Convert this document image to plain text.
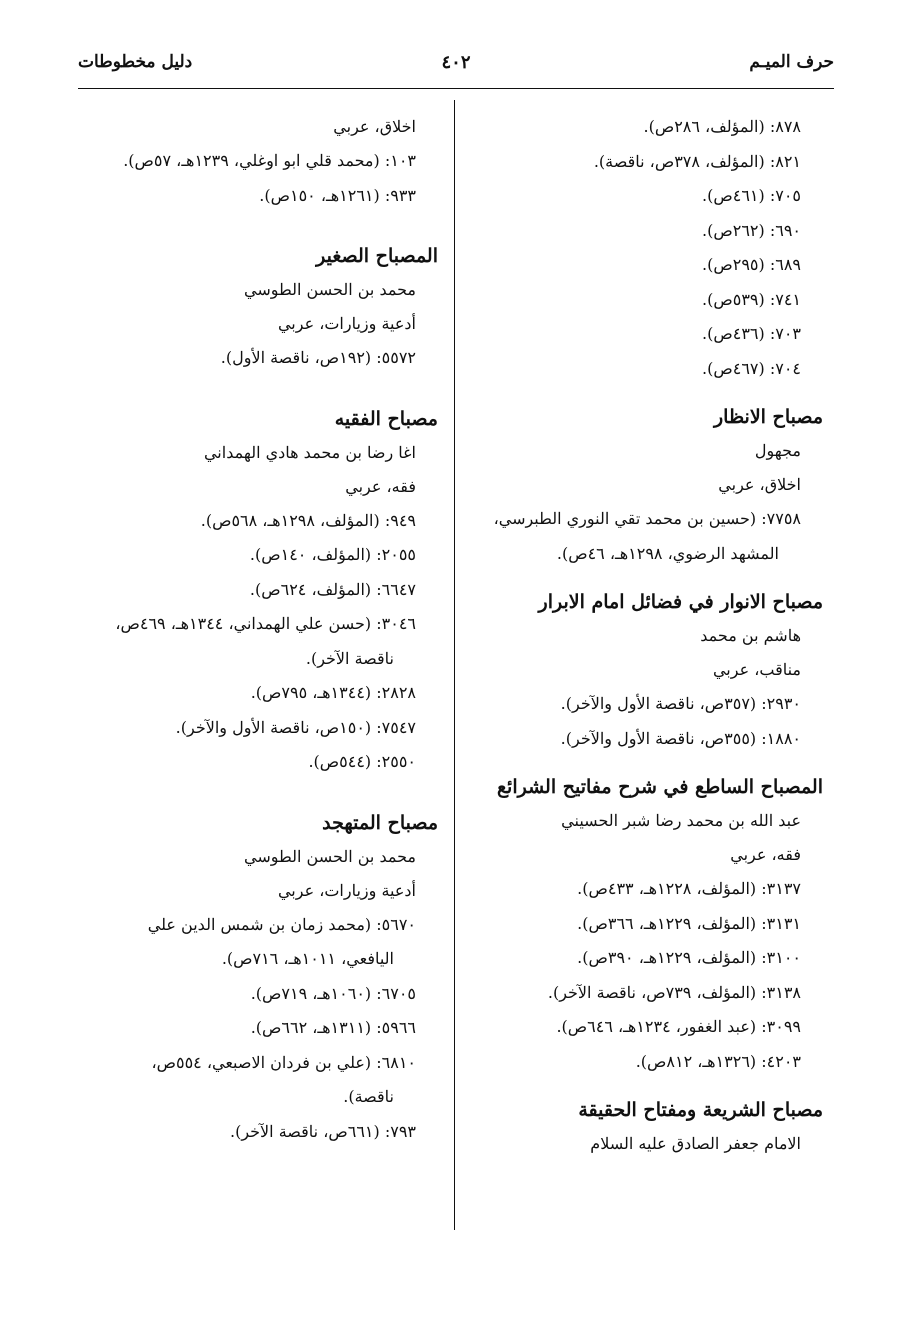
حرف الميـم
٤٠٢
دليل مخطوطات
٨٧٨: (المؤلف، ٢٨٦ص).
٨٢١: (المؤلف، ٣٧٨ص، ناقصة).
٧٠٥: (٤٦١ص).
٦٩٠: (٢٦٢ص).
٦٨٩: (٢٩٥ص).
٧٤١: (٥٣٩ص).
٧٠٣: (٤٣٦ص).
٧٠٤: (٤٦٧ص).
مصباح الانظار
مجهول
اخلاق، عربي
٧٧٥٨: (حسين بن محمد تقي النوري الطبرسي،
المشهد الرضوي، ١٢٩٨هـ، ٤٦ص).
مصباح الانوار في فضائل امام الابرار
هاشم بن محمد
مناقب، عربي
٢٩٣٠: (٣٥٧ص، ناقصة الأول والآخر).
١٨٨٠: (٣٥٥ص، ناقصة الأول والآخر).
المصباح الساطع في شرح مفاتيح الشرائع
عبد الله بن محمد رضا شبر الحسيني
فقه، عربي
٣١٣٧: (المؤلف، ١٢٢٨هـ، ٤٣٣ص).
٣١٣١: (المؤلف، ١٢٢٩هـ، ٣٦٦ص).
٣١٠٠: (المؤلف، ١٢٢٩هـ، ٣٩٠ص).
٣١٣٨: (المؤلف، ٧٣٩ص، ناقصة الآخر).
٣٠٩٩: (عبد الغفور، ١٢٣٤هـ، ٦٤٦ص).
٤٢٠٣: (١٣٢٦هـ، ٨١٢ص).
مصباح الشريعة ومفتاح الحقيقة
الامام جعفر الصادق عليه السلام
اخلاق، عربي
١٠٣: (محمد قلي ابو اوغلي، ١٢٣٩هـ، ٥٧ص).
٩٣٣: (١٢٦١هـ، ١٥٠ص).
المصباح الصغير
محمد بن الحسن الطوسي
أدعية وزيارات، عربي
٥٥٧٢: (١٩٢ص، ناقصة الأول).
مصباح الفقيه
اغا رضا بن محمد هادي الهمداني
فقه، عربي
٩٤٩: (المؤلف، ١٢٩٨هـ، ٥٦٨ص).
٢٠٥٥: (المؤلف، ١٤٠ص).
٦٦٤٧: (المؤلف، ٦٢٤ص).
٣٠٤٦: (حسن علي الهمداني، ١٣٤٤هـ، ٤٦٩ص،
ناقصة الآخر).
٢٨٢٨: (١٣٤٤هـ، ٧٩٥ص).
٧٥٤٧: (١٥٠ص، ناقصة الأول والآخر).
٢٥٥٠: (٥٤٤ص).
مصباح المتهجد
محمد بن الحسن الطوسي
أدعية وزيارات، عربي
٥٦٧٠: (محمد زمان بن شمس الدين علي
اليافعي، ١٠١١هـ، ٧١٦ص).
٦٧٠٥: (١٠٦٠هـ، ٧١٩ص).
٥٩٦٦: (١٣١١هـ، ٦٦٢ص).
٦٨١٠: (علي بن فردان الاصبعي، ٥٥٤ص،
ناقصة).
٧٩٣: (٦٦١ص، ناقصة الآخر).
